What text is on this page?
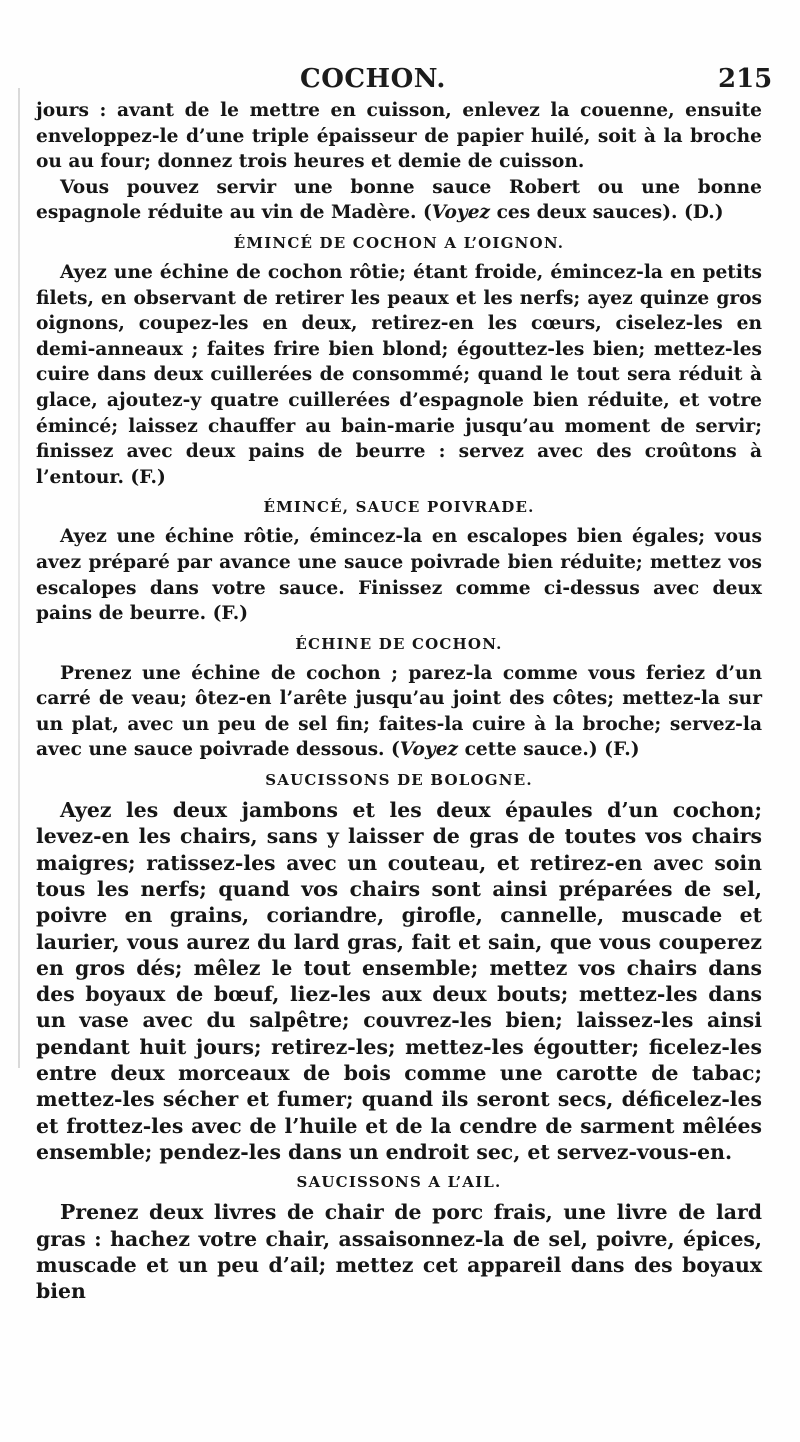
COCHON.	215

jours : avant de le mettre en cuisson, enlevez la couenne, ensuite enveloppez-le d’une triple épaisseur de papier huilé, soit à la broche ou au four; donnez trois heures et demie de cuisson.

Vous pouvez servir une bonne sauce Robert ou une bonne espagnole réduite au vin de Madère. (Voyez ces deux sauces). (D.)

ÉMINCÉ DE COCHON A L’OIGNON.

Ayez une échine de cochon rôtie; étant froide, émincez-la en petits filets, en observant de retirer les peaux et les nerfs; ayez quinze gros oignons, coupez-les en deux, retirez-en les cœurs, ciselez-les en demi-anneaux ; faites frire bien blond; égouttez-les bien; mettez-les cuire dans deux cuillerées de consommé; quand le tout sera réduit à glace, ajoutez-y quatre cuillerées d’espagnole bien réduite, et votre émincé; laissez chauffer au bain-marie jusqu’au moment de servir; finissez avec deux pains de beurre : servez avec des croûtons à l’entour. (F.)

ÉMINCÉ, SAUCE POIVRADE.

Ayez une échine rôtie, émincez-la en escalopes bien égales; vous avez préparé par avance une sauce poivrade bien réduite; mettez vos escalopes dans votre sauce. Finissez comme ci-dessus avec deux pains de beurre. (F.)

ÉCHINE DE COCHON.

Prenez une échine de cochon ; parez-la comme vous feriez d’un carré de veau; ôtez-en l’arête jusqu’au joint des côtes; mettez-la sur un plat, avec un peu de sel fin; faites-la cuire à la broche; servez-la avec une sauce poivrade dessous. (Voyez cette sauce.) (F.)

SAUCISSONS DE BOLOGNE.

Ayez les deux jambons et les deux épaules d’un cochon; levez-en les chairs, sans y laisser de gras de toutes vos chairs maigres; ratissez-les avec un couteau, et retirez-en avec soin tous les nerfs; quand vos chairs sont ainsi préparées de sel, poivre en grains, coriandre, girofle, cannelle, muscade et laurier, vous aurez du lard gras, fait et sain, que vous couperez en gros dés; mêlez le tout ensemble; mettez vos chairs dans des boyaux de bœuf, liez-les aux deux bouts; mettez-les dans un vase avec du salpêtre; couvrez-les bien; laissez-les ainsi pendant huit jours; retirez-les; mettez-les égoutter; ficelez-les entre deux morceaux de bois comme une carotte de tabac; mettez-les sécher et fumer; quand ils seront secs, déficelez-les et frottez-les avec de l’huile et de la cendre de sarment mêlées ensemble; pendez-les dans un endroit sec, et servez-vous-en.

SAUCISSONS A L’AIL.

Prenez deux livres de chair de porc frais, une livre de lard gras : hachez votre chair, assaisonnez-la de sel, poivre, épices, muscade et un peu d’ail; mettez cet appareil dans des boyaux bien
